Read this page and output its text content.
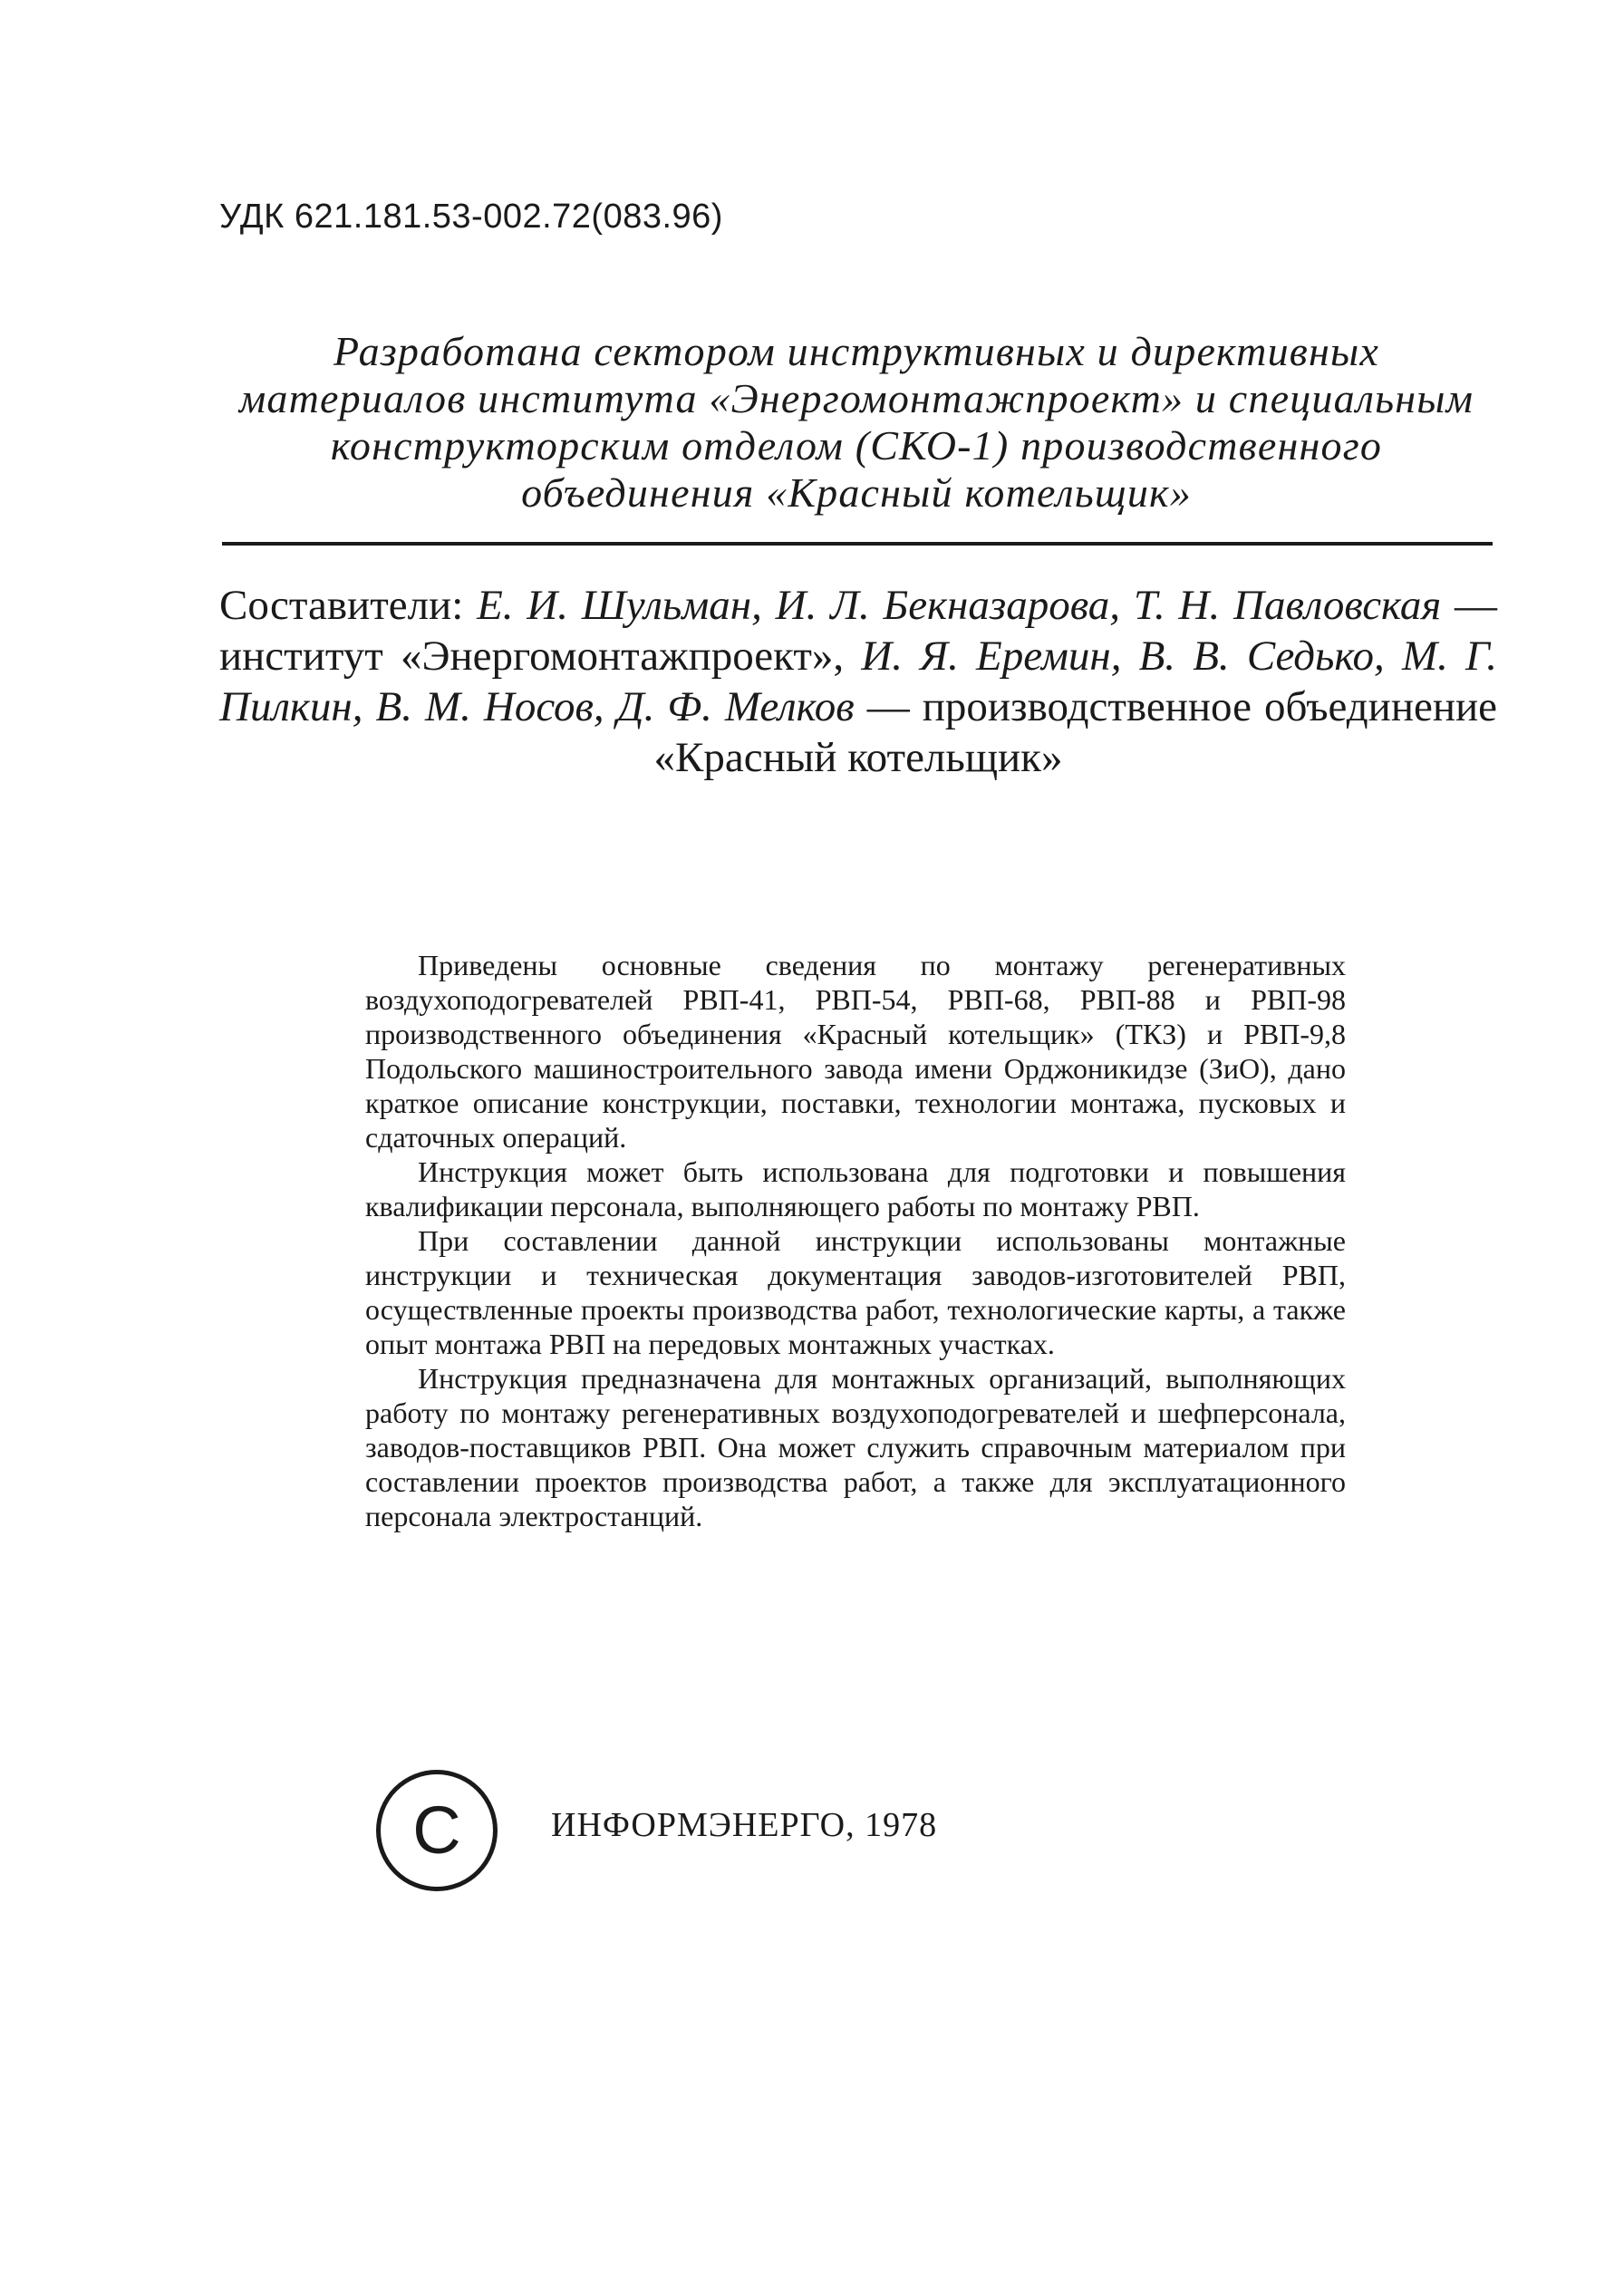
УДК 621.181.53-002.72(083.96)
Разработана сектором инструктивных и директивных материалов института «Энергомонтажпроект» и специальным конструкторским отделом (СКО-1) производственного объединения «Красный котельщик»
Составители: Е. И. Шульман, И. Л. Бекназарова, Т. Н. Павловская — институт «Энергомонтажпроект», И. Я. Еремин, В. В. Седько, М. Г. Пилкин, В. М. Носов, Д. Ф. Мелков — производственное объединение «Красный котельщик»

Приведены основные сведения по монтажу регенеративных воздухоподогревателей РВП-41, РВП-54, РВП-68, РВП-88 и РВП-98 производственного объединения «Красный котельщик» (ТКЗ) и РВП-9,8 Подольского машиностроительного завода имени Орджоникидзе (ЗиО), дано краткое описание конструкции, поставки, технологии монтажа, пусковых и сдаточных операций.

Инструкция может быть использована для подготовки и повышения квалификации персонала, выполняющего работы по монтажу РВП.

При составлении данной инструкции использованы монтажные инструкции и техническая документация заводов-изготовителей РВП, осуществленные проекты производства работ, технологические карты, а также опыт монтажа РВП на передовых монтажных участках.

Инструкция предназначена для монтажных организаций, выполняющих работу по монтажу регенеративных воздухоподогревателей и шефперсонала, заводов-поставщиков РВП. Она может служить справочным материалом при составлении проектов производства работ, а также для эксплуатационного персонала электростанций.

C	ИНФОРМЭНЕРГО, 1978
